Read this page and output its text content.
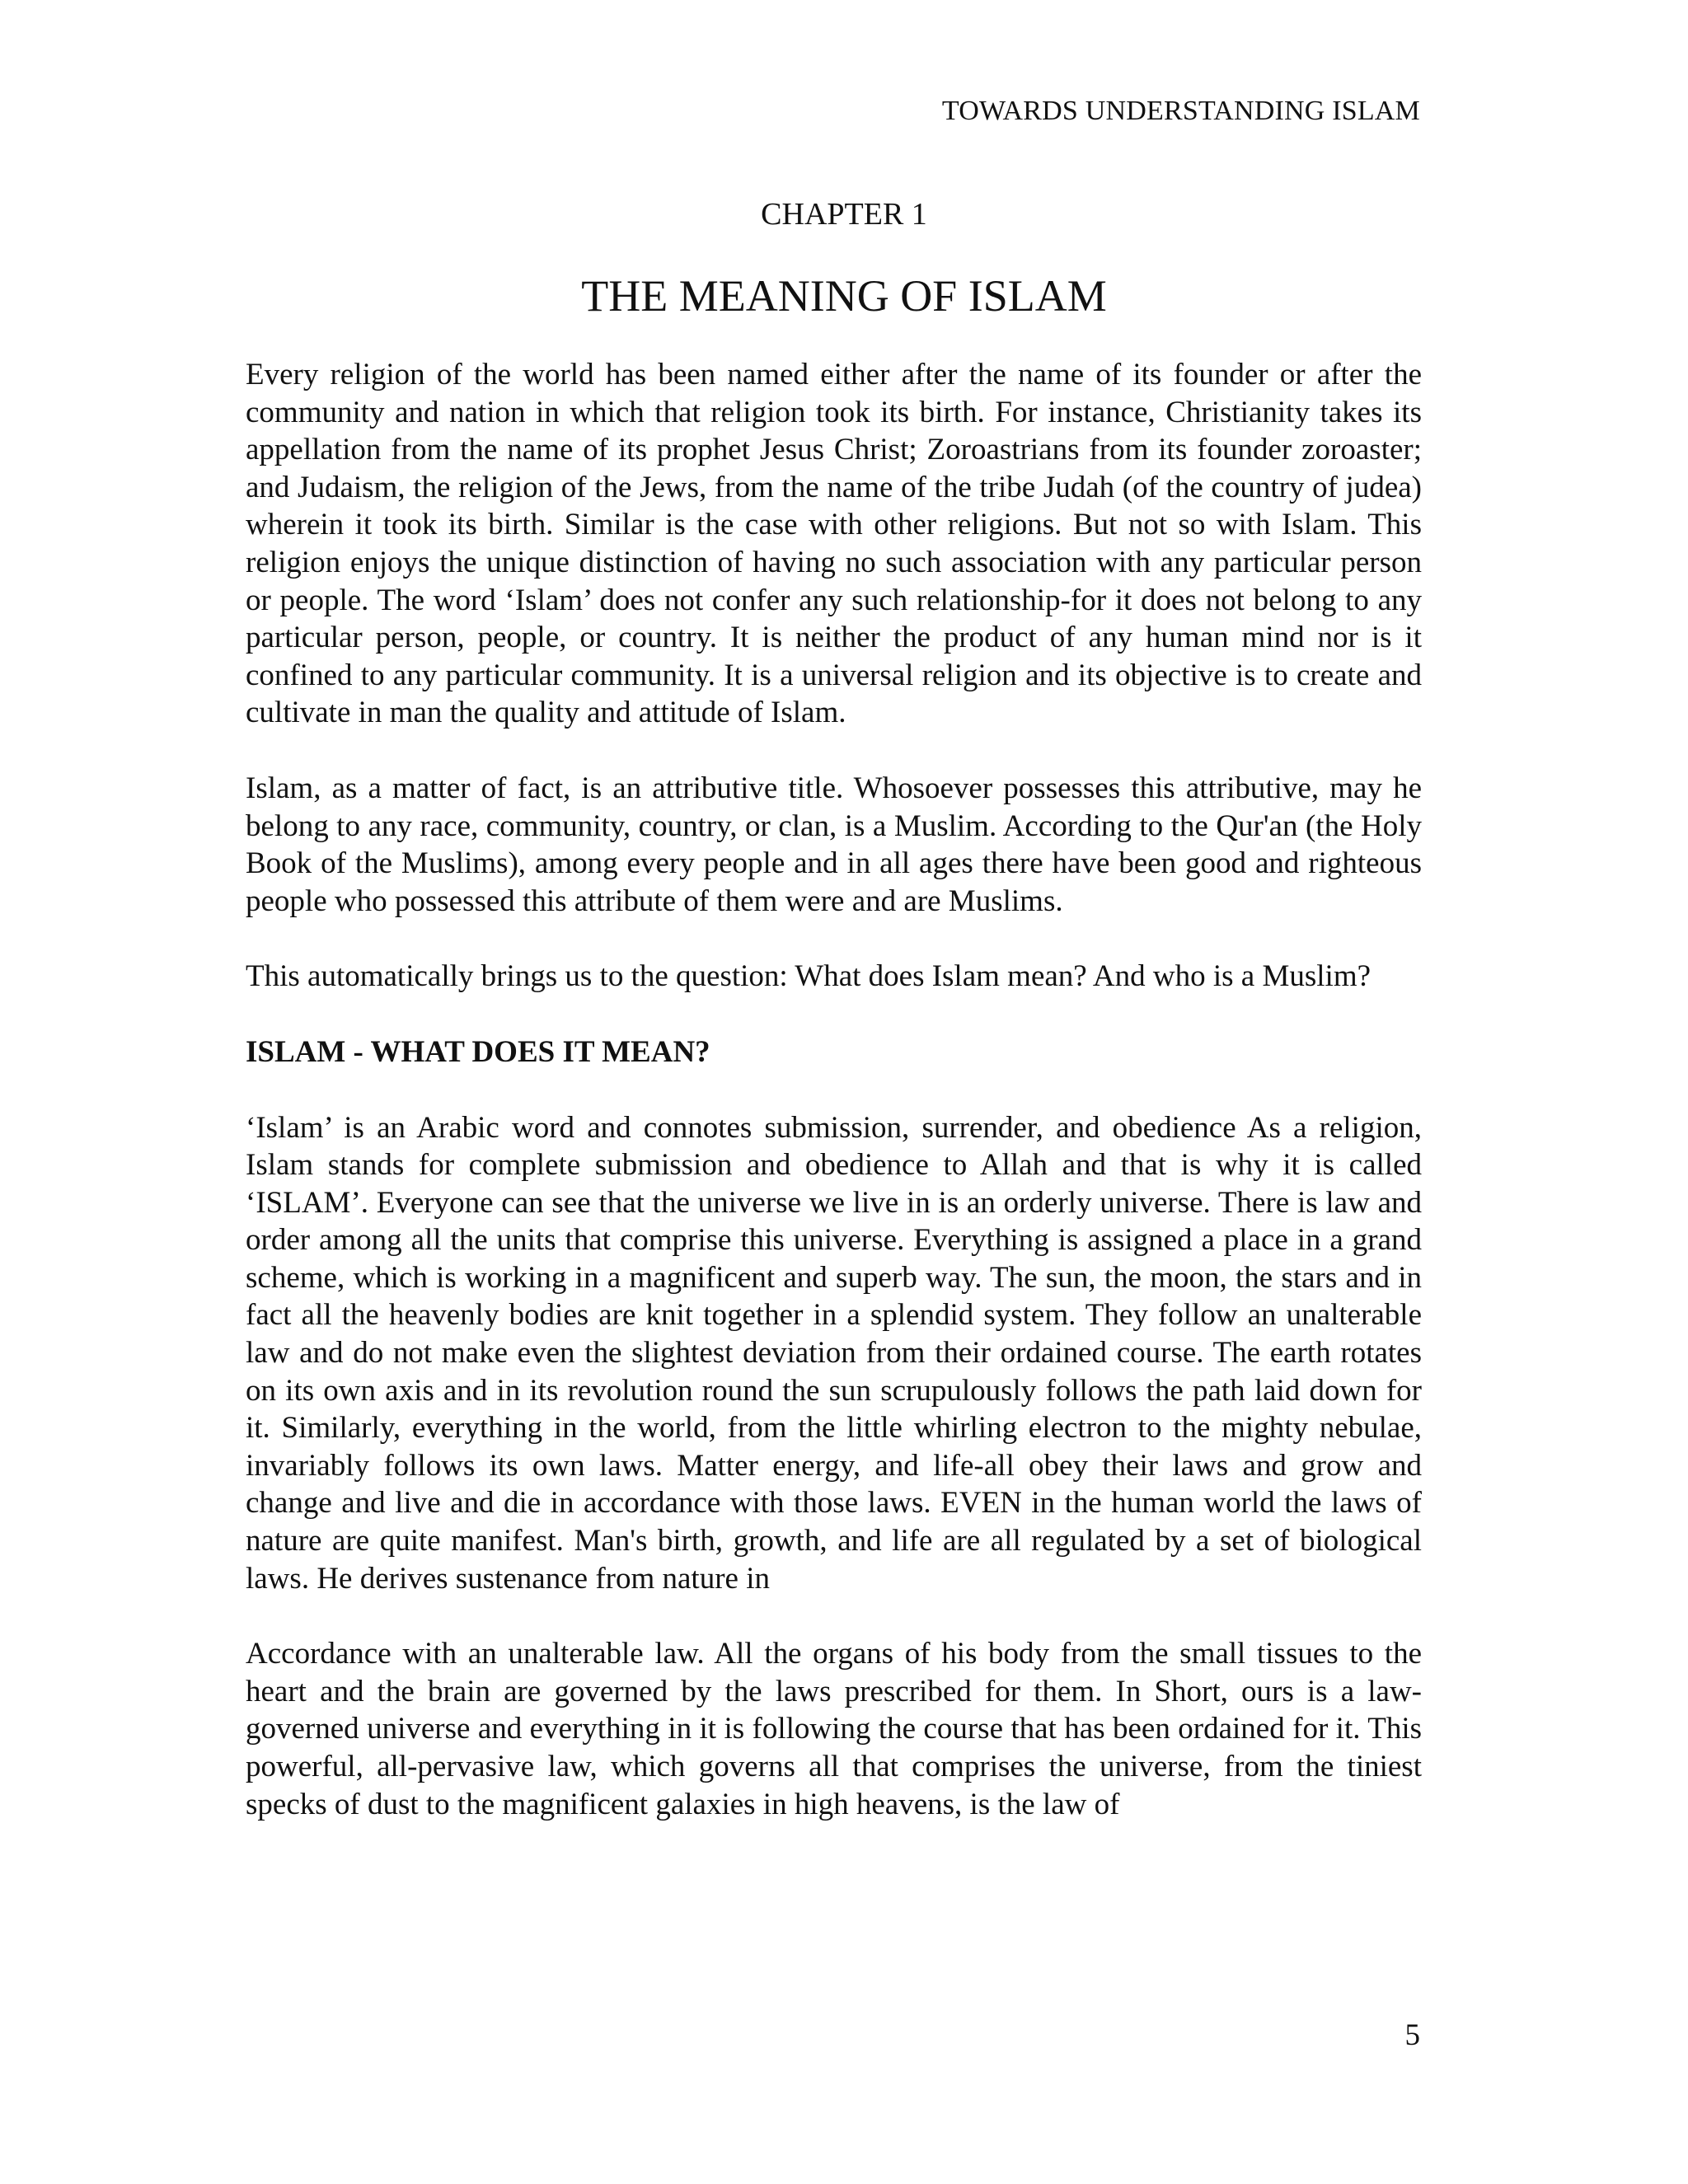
TOWARDS UNDERSTANDING ISLAM
CHAPTER 1
THE MEANING OF ISLAM

Every religion of the world has been named either after the name of its founder or after the community and nation in which that religion took its birth. For instance, Christianity takes its appellation from the name of its prophet Jesus Christ; Zoroastrians from its founder zoroaster; and Judaism, the religion of the Jews, from the name of the tribe Judah (of the country of judea) wherein it took its birth. Similar is the case with other religions. But not so with Islam. This religion enjoys the unique distinction of having no such association with any particular person or people. The word ‘Islam’ does not confer any such relationship-for it does not belong to any particular person, people, or country. It is neither the product of any human mind nor is it confined to any particular community. It is a universal religion and its objective is to create and cultivate in man the quality and attitude of Islam.

Islam, as a matter of fact, is an attributive title. Whosoever possesses this attributive, may he belong to any race, community, country, or clan, is a Muslim. According to the Qur'an (the Holy Book of the Muslims), among every people and in all ages there have been good and righteous people who possessed this attribute of them were and are Muslims.

This automatically brings us to the question: What does Islam mean? And who is a Muslim?

ISLAM - WHAT DOES IT MEAN?

‘Islam’ is an Arabic word and connotes submission, surrender, and obedience As a religion, Islam stands for complete submission and obedience to Allah and that is why it is called ‘ISLAM’. Everyone can see that the universe we live in is an orderly universe. There is law and order among all the units that comprise this universe. Everything is assigned a place in a grand scheme, which is working in a magnificent and superb way. The sun, the moon, the stars and in fact all the heavenly bodies are knit together in a splendid system. They follow an unalterable law and do not make even the slightest deviation from their ordained course. The earth rotates on its own axis and in its revolution round the sun scrupulously follows the path laid down for it. Similarly, everything in the world, from the little whirling electron to the mighty nebulae, invariably follows its own laws. Matter energy, and life-all obey their laws and grow and change and live and die in accordance with those laws. EVEN in the human world the laws of nature are quite manifest. Man's birth, growth, and life are all regulated by a set of biological laws. He derives sustenance from nature in

Accordance with an unalterable law. All the organs of his body from the small tissues to the heart and the brain are governed by the laws prescribed for them. In Short, ours is a law-governed universe and everything in it is following the course that has been ordained for it. This powerful, all-pervasive law, which governs all that comprises the universe, from the tiniest specks of dust to the magnificent galaxies in high heavens, is the law of

5
